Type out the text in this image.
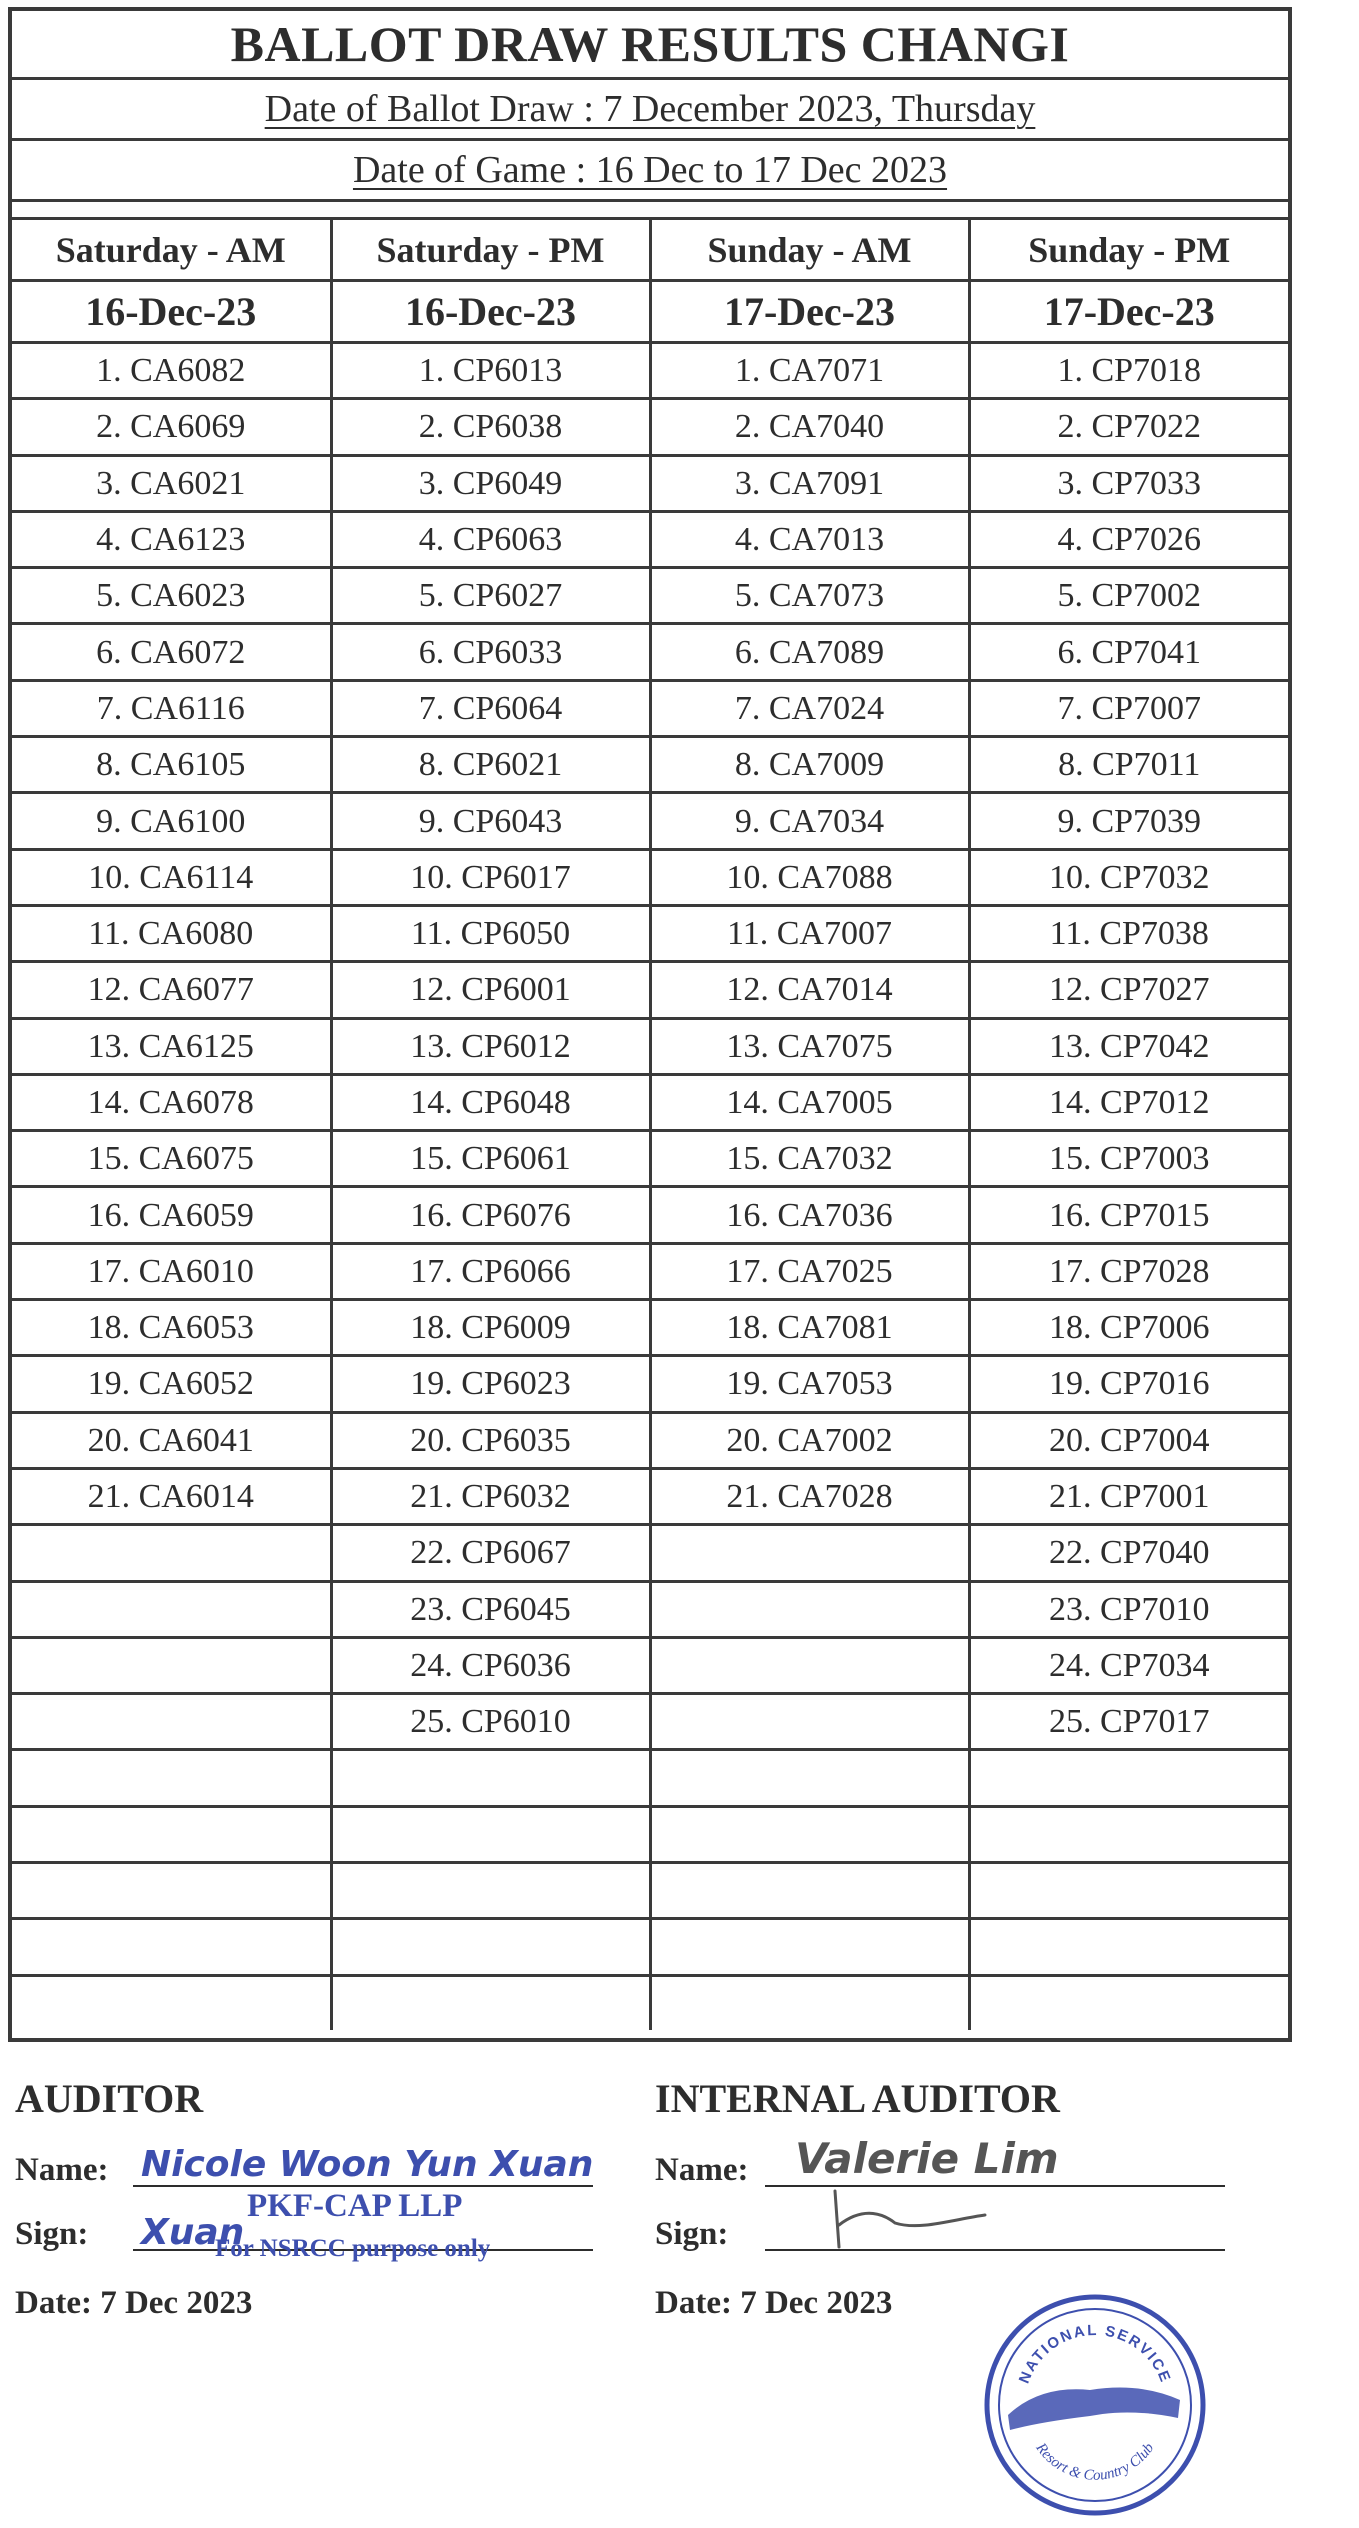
BALLOT DRAW RESULTS CHANGI
Date of Ballot Draw : 7 December 2023, Thursday
Date of Game : 16 Dec to 17 Dec 2023
Saturday - AM	Saturday - PM	Sunday - AM	Sunday - PM
16-Dec-23	16-Dec-23	17-Dec-23	17-Dec-23
1. CA6082	1. CP6013	1. CA7071	1. CP7018
2. CA6069	2. CP6038	2. CA7040	2. CP7022
3. CA6021	3. CP6049	3. CA7091	3. CP7033
4. CA6123	4. CP6063	4. CA7013	4. CP7026
5. CA6023	5. CP6027	5. CA7073	5. CP7002
6. CA6072	6. CP6033	6. CA7089	6. CP7041
7. CA6116	7. CP6064	7. CA7024	7. CP7007
8. CA6105	8. CP6021	8. CA7009	8. CP7011
9. CA6100	9. CP6043	9. CA7034	9. CP7039
10. CA6114	10. CP6017	10. CA7088	10. CP7032
11. CA6080	11. CP6050	11. CA7007	11. CP7038
12. CA6077	12. CP6001	12. CA7014	12. CP7027
13. CA6125	13. CP6012	13. CA7075	13. CP7042
14. CA6078	14. CP6048	14. CA7005	14. CP7012
15. CA6075	15. CP6061	15. CA7032	15. CP7003
16. CA6059	16. CP6076	16. CA7036	16. CP7015
17. CA6010	17. CP6066	17. CA7025	17. CP7028
18. CA6053	18. CP6009	18. CA7081	18. CP7006
19. CA6052	19. CP6023	19. CA7053	19. CP7016
20. CA6041	20. CP6035	20. CA7002	20. CP7004
21. CA6014	21. CP6032	21. CA7028	21. CP7001
	22. CP6067		22. CP7040
	23. CP6045		23. CP7010
	24. CP6036		24. CP7034
	25. CP6010		25. CP7017

AUDITOR
Name: Nicole Woon Yun Xuan
Sign: Xuan
PKF-CAP LLP
For NSRCC purpose only
Date: 7 Dec 2023
INTERNAL AUDITOR
Name: Valerie Lim
Sign:
Date: 7 Dec 2023
NATIONAL SERVICE
Resort & Country Club
